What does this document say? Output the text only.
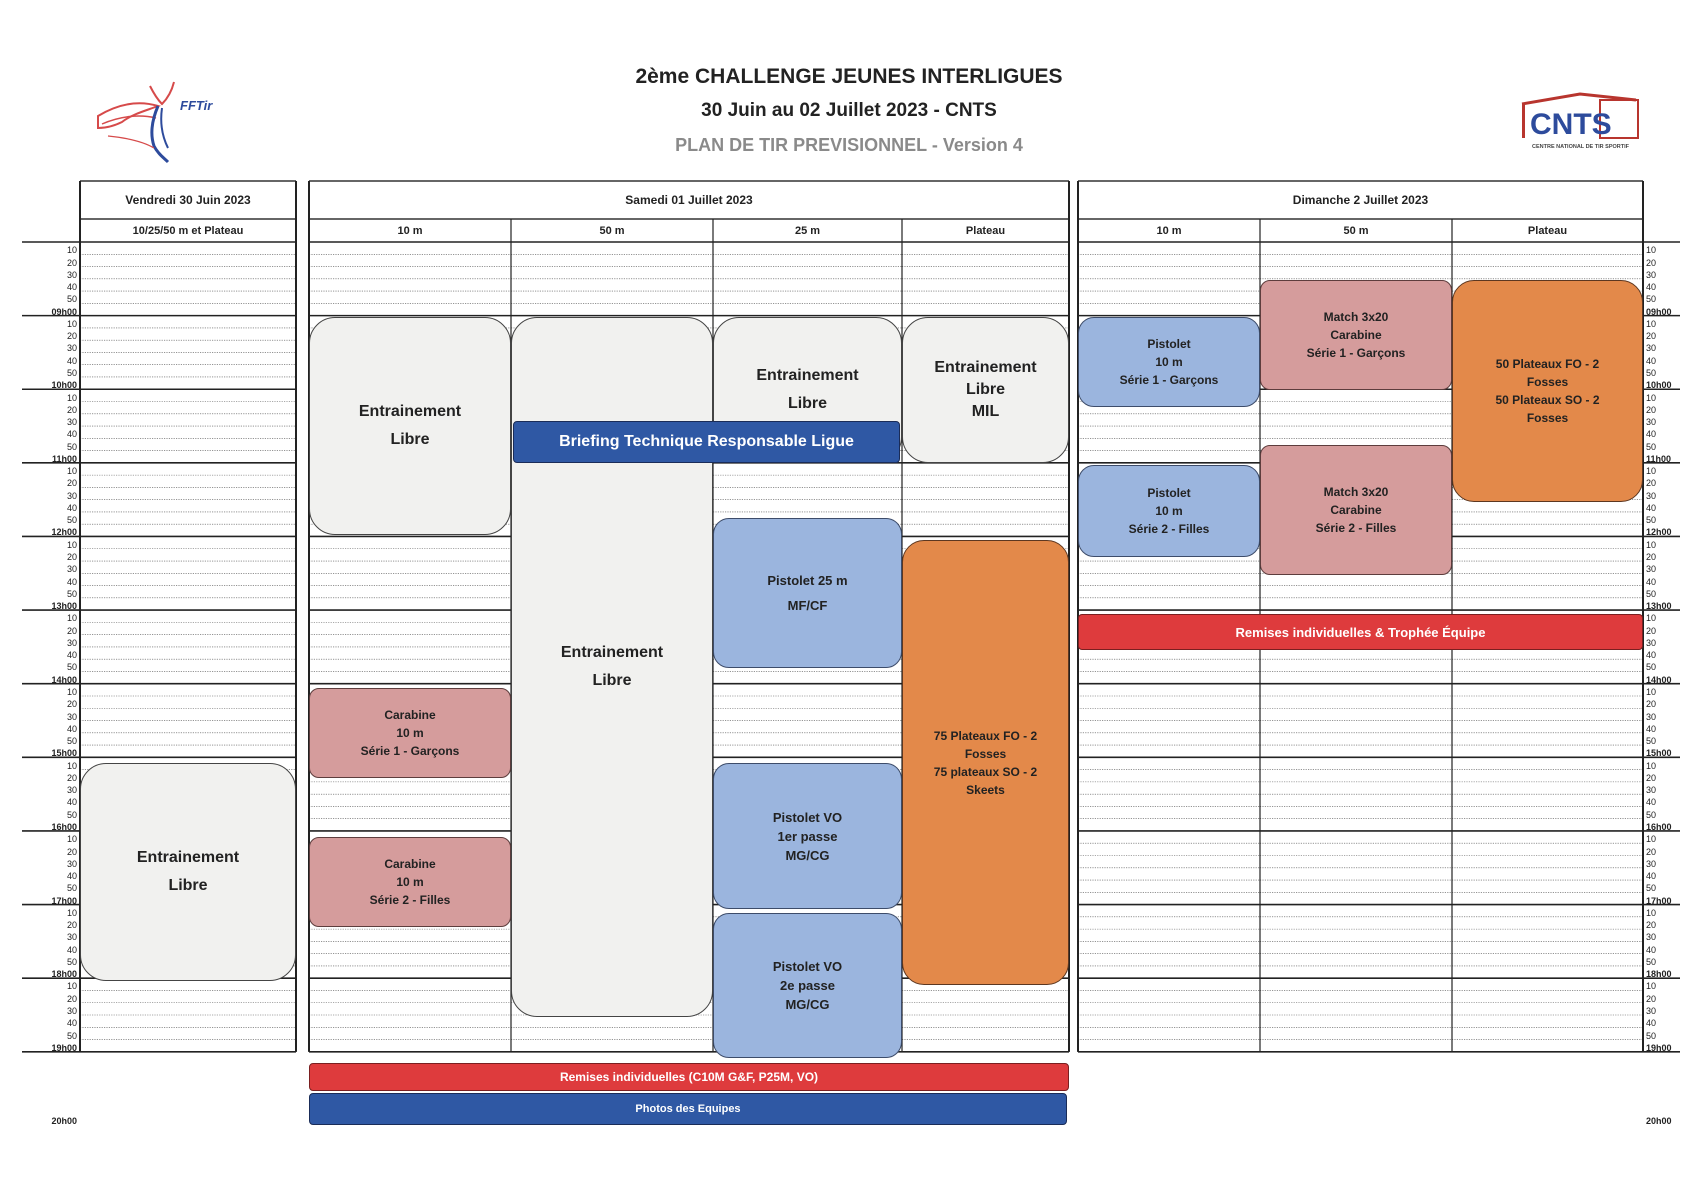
2ème CHALLENGE JEUNES INTERLIGUES
30 Juin au 02 Juillet 2023 - CNTS
PLAN DE TIR PREVISIONNEL - Version 4
FFTir
CNTS
CENTRE NATIONAL DE TIR SPORTIF
Vendredi 30 Juin 2023	Samedi 01 Juillet 2023	Dimanche 2 Juillet 2023
10/25/50 m et Plateau	10 m	50 m	25 m	Plateau	10 m	50 m	Plateau
10	10
20	20
30	30
40	40
50	50
10	10
20	20
30	30
40	40
50	50
10	10
20	20
30	30
40	40
50	50
10	10
20	20
30	30
40	40
50	50
10	10
20	20
30	30
40	40
50	50
10	10
20	20
30	30
40	40
50	50
10	10
20	20
30	30
40	40
50	50
10	10
20	20
30	30
40	40
50	50
10	10
20	20
30	30
40	40
50	50
10	10
20	20
30	30
40	40
50	50
10	10
20	20
30	30
40	40
50	50
09h00	09h00
10h00	10h00
11h00	11h00
12h00	12h00
13h00	13h00
14h00	14h00
15h00	15h00
16h00	16h00
17h00	17h00
18h00	18h00
19h00	19h00
20h00	20h00
Entrainement
Libre
Entrainement
Libre
Entrainement
Libre
Entrainement
Libre
Entrainement
Libre
MIL
Briefing Technique Responsable Ligue
Pistolet 25 m
MF/CF
Pistolet VO
1er passe
MG/CG
Pistolet VO
2e passe
MG/CG
Carabine
10 m
Série 1 - Garçons
Carabine
10 m
Série 2 - Filles
75 Plateaux FO - 2
Fosses
75 plateaux SO - 2
Skeets
Remises individuelles (C10M G&F, P25M, VO)
Photos des Equipes
Pistolet
10 m
Série 1 - Garçons
Pistolet
10 m
Série 2 - Filles
Match 3x20
Carabine
Série 1 - Garçons
Match 3x20
Carabine
Série 2 - Filles
50 Plateaux FO - 2
Fosses
50 Plateaux SO - 2
Fosses
Remises individuelles & Trophée Équipe
